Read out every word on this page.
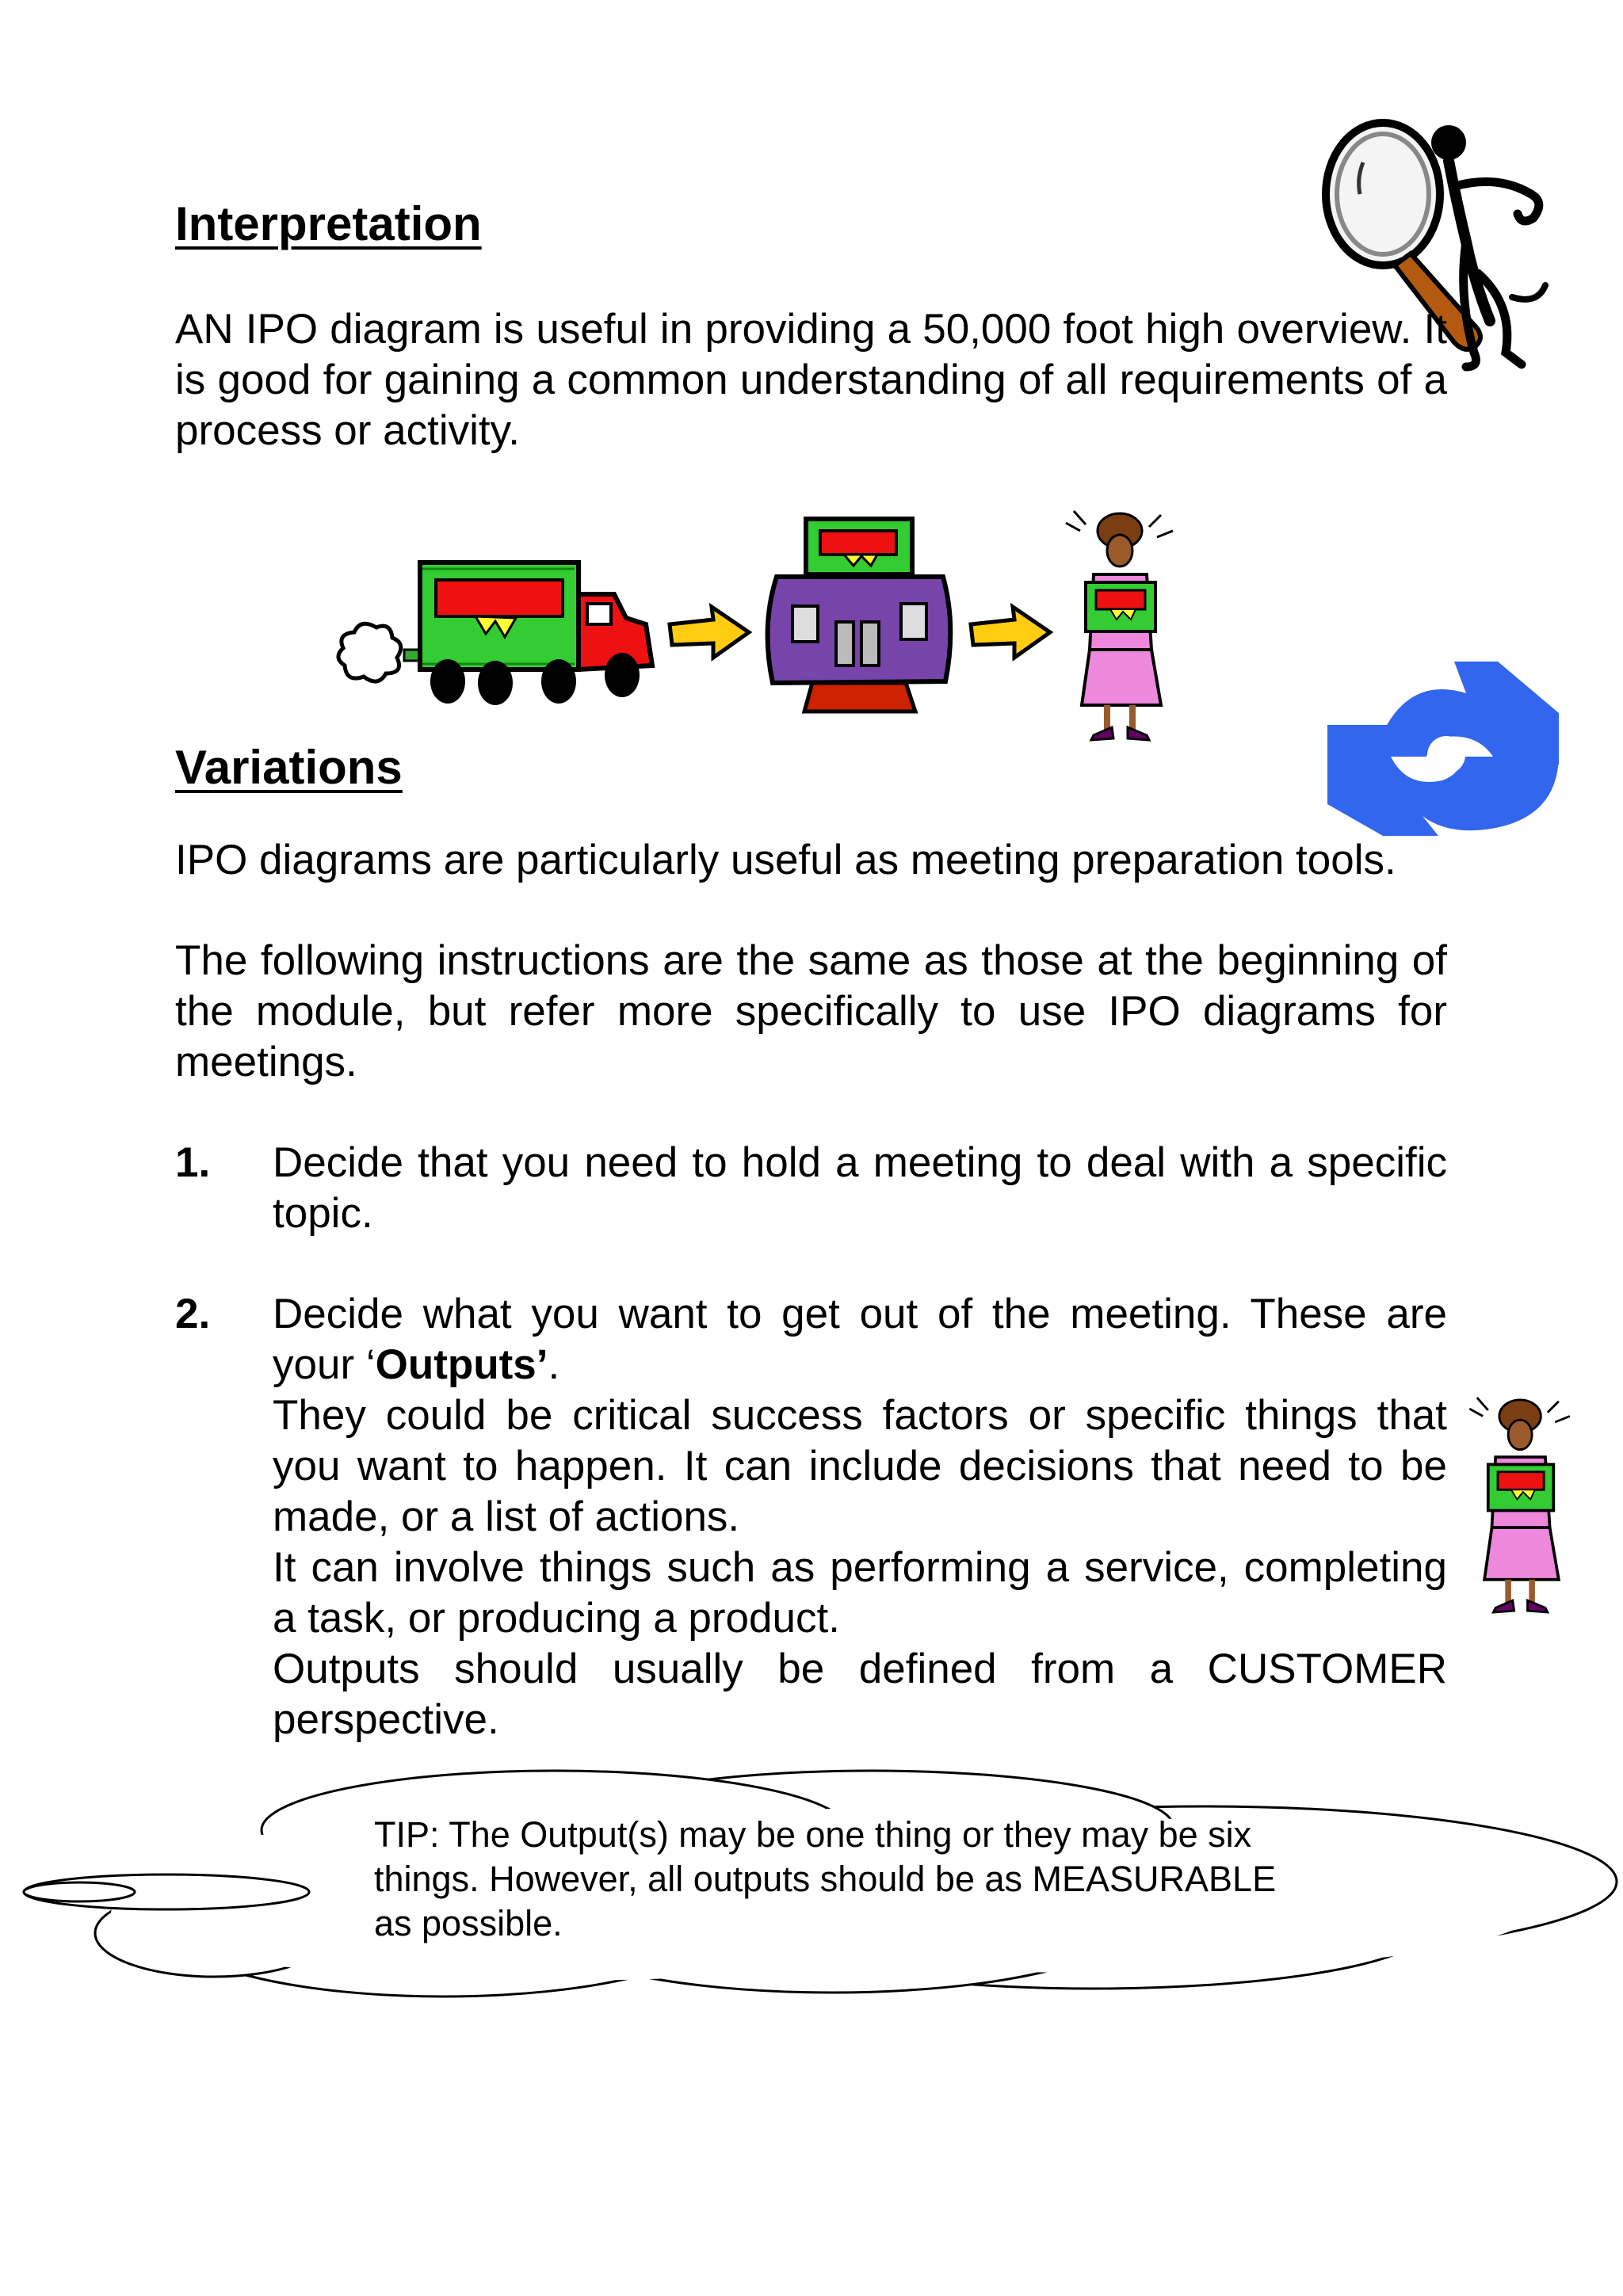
Interpretation
AN IPO diagram is useful in providing a 50,000 foot high overview. It is good for gaining a common understanding of all requirements of a process or activity.
Variations
IPO diagrams are particularly useful as meeting preparation tools.
The following instructions are the same as those at the beginning of the module, but refer more specifically to use IPO diagrams for meetings.
1.	Decide that you need to hold a meeting to deal with a specific topic.
2.	Decide what you want to get out of the meeting. These are your ‘Outputs’.

They could be critical success factors or specific things that you want to happen. It can include decisions that need to be made, or a list of actions.

It can involve things such as performing a service, completing a task, or producing a product.

Outputs should usually be defined from a CUSTOMER perspective.

TIP: The Output(s) may be one thing or they may be six things. However, all outputs should be as MEASURABLE as possible.
